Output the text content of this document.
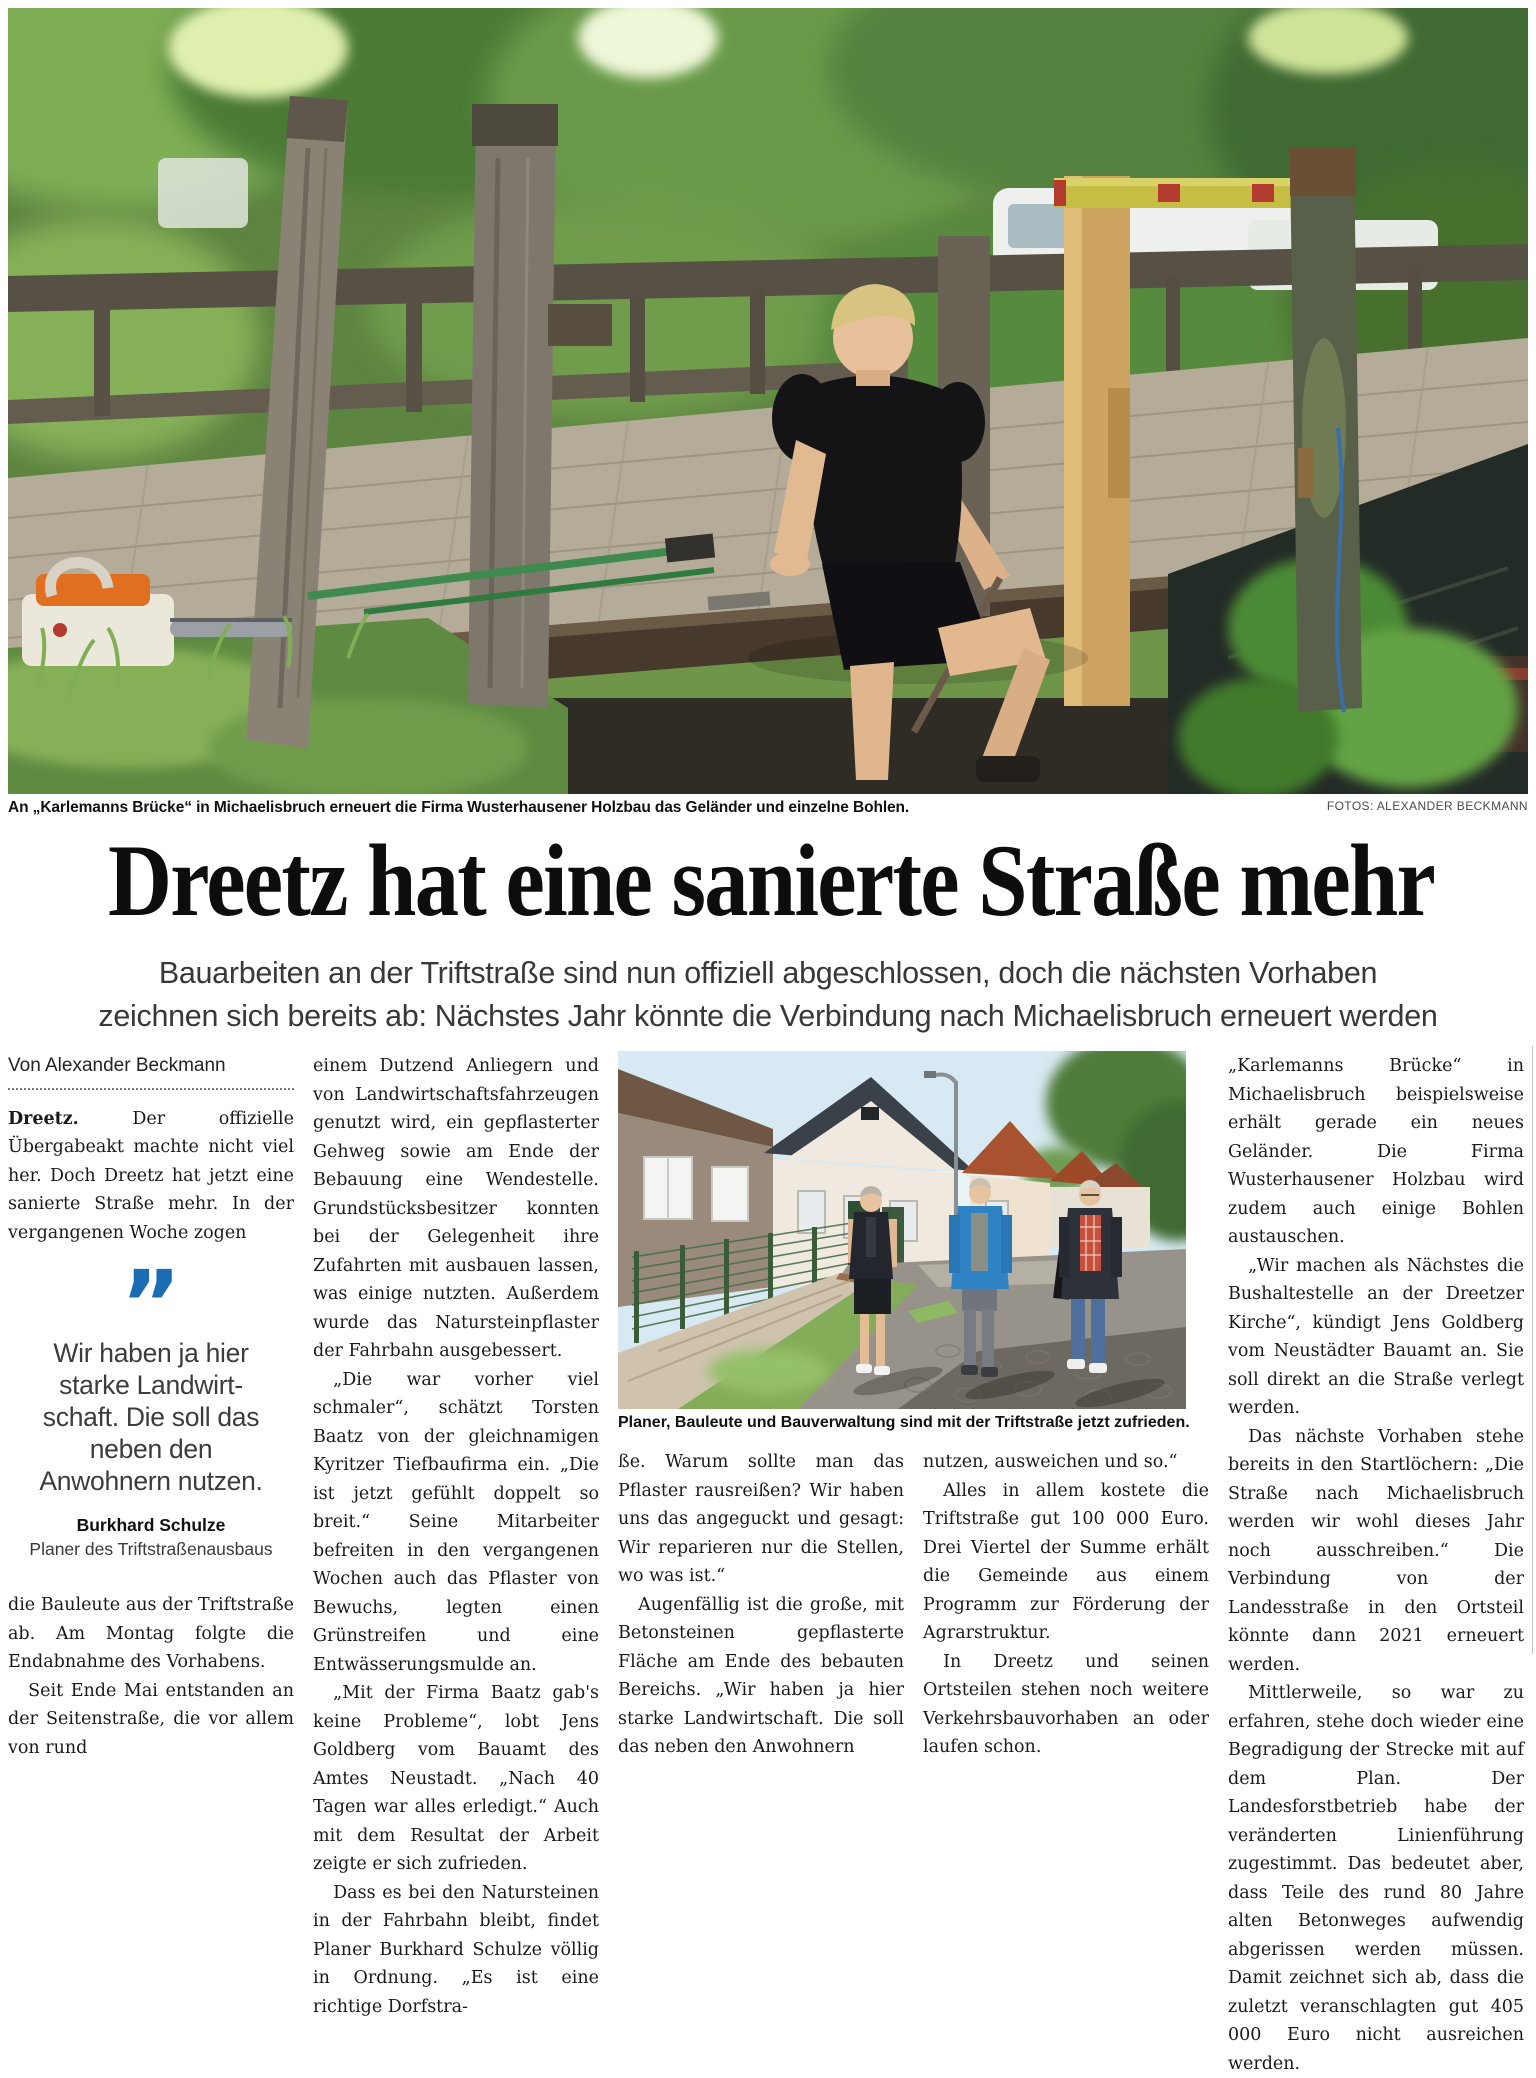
An „Karlemanns Brücke“ in Michaelisbruch erneuert die Firma Wusterhausener Holzbau das Geländer und einzelne Bohlen.	FOTOS: ALEXANDER BECKMANN
Dreetz hat eine sanierte Straße mehr
Bauarbeiten an der Triftstraße sind nun offiziell abgeschlossen, doch die nächsten Vorhaben
zeichnen sich bereits ab: Nächstes Jahr könnte die Verbindung nach Michaelisbruch erneuert werden

Von Alexander Beckmann

Dreetz. Der offizielle Übergabeakt machte nicht viel her. Doch Dreetz hat jetzt eine sanierte Straße mehr. In der vergangenen Woche zogen

”
Wir haben ja hier
starke Landwirt-
schaft. Die soll das
neben den
Anwohnern nutzen.

Burkhard Schulze

Planer des Triftstraßenausbaus

die Bauleute aus der Triftstraße ab. Am Montag folgte die Endabnahme des Vorhabens.

Seit Ende Mai entstanden an der Seitenstraße, die vor allem von rund

einem Dutzend Anliegern und von Landwirtschaftsfahrzeugen genutzt wird, ein gepflasterter Gehweg sowie am Ende der Bebauung eine Wendestelle. Grundstücksbesitzer konnten bei der Gelegenheit ihre Zufahrten mit ausbauen lassen, was einige nutzten. Außerdem wurde das Natursteinpflaster der Fahrbahn ausgebessert.

„Die war vorher viel schmaler“, schätzt Torsten Baatz von der gleichnamigen Kyritzer Tiefbaufirma ein. „Die ist jetzt gefühlt doppelt so breit.“ Seine Mitarbeiter befreiten in den vergangenen Wochen auch das Pflaster von Bewuchs, legten einen Grünstreifen und eine Entwässerungsmulde an.

„Mit der Firma Baatz gab's keine Probleme“, lobt Jens Goldberg vom Bauamt des Amtes Neustadt. „Nach 40 Tagen war alles erledigt.“ Auch mit dem Resultat der Arbeit zeigte er sich zufrieden.

Dass es bei den Natursteinen in der Fahrbahn bleibt, findet Planer Burkhard Schulze völlig in Ordnung. „Es ist eine richtige Dorfstra-

Planer, Bauleute und Bauverwaltung sind mit der Triftstraße jetzt zufrieden.

ße. Warum sollte man das Pflaster rausreißen? Wir haben uns das angeguckt und gesagt: Wir reparieren nur die Stellen, wo was ist.“

Augenfällig ist die große, mit Betonsteinen gepflasterte Fläche am Ende des bebauten Bereichs. „Wir haben ja hier starke Landwirtschaft. Die soll das neben den Anwohnern

nutzen, ausweichen und so.“

Alles in allem kostete die Triftstraße gut 100 000 Euro. Drei Viertel der Summe erhält die Gemeinde aus einem Programm zur Förderung der Agrarstruktur.

In Dreetz und seinen Ortsteilen stehen noch weitere Verkehrsbauvorhaben an oder laufen schon.

„Karlemanns Brücke“ in Michaelisbruch beispielsweise erhält gerade ein neues Geländer. Die Firma Wusterhausener Holzbau wird zudem auch einige Bohlen austauschen.

„Wir machen als Nächstes die Bushaltestelle an der Dreetzer Kirche“, kündigt Jens Goldberg vom Neustädter Bauamt an. Sie soll direkt an die Straße verlegt werden.

Das nächste Vorhaben stehe bereits in den Startlöchern: „Die Straße nach Michaelisbruch werden wir wohl dieses Jahr noch ausschreiben.“ Die Verbindung von der Landesstraße in den Ortsteil könnte dann 2021 erneuert werden.

Mittlerweile, so war zu erfahren, stehe doch wieder eine Begradigung der Strecke mit auf dem Plan. Der Landesforstbetrieb habe der veränderten Linienführung zugestimmt. Das bedeutet aber, dass Teile des rund 80 Jahre alten Betonweges aufwendig abgerissen werden müssen. Damit zeichnet sich ab, dass die zuletzt veranschlagten gut 405 000 Euro nicht ausreichen werden.
